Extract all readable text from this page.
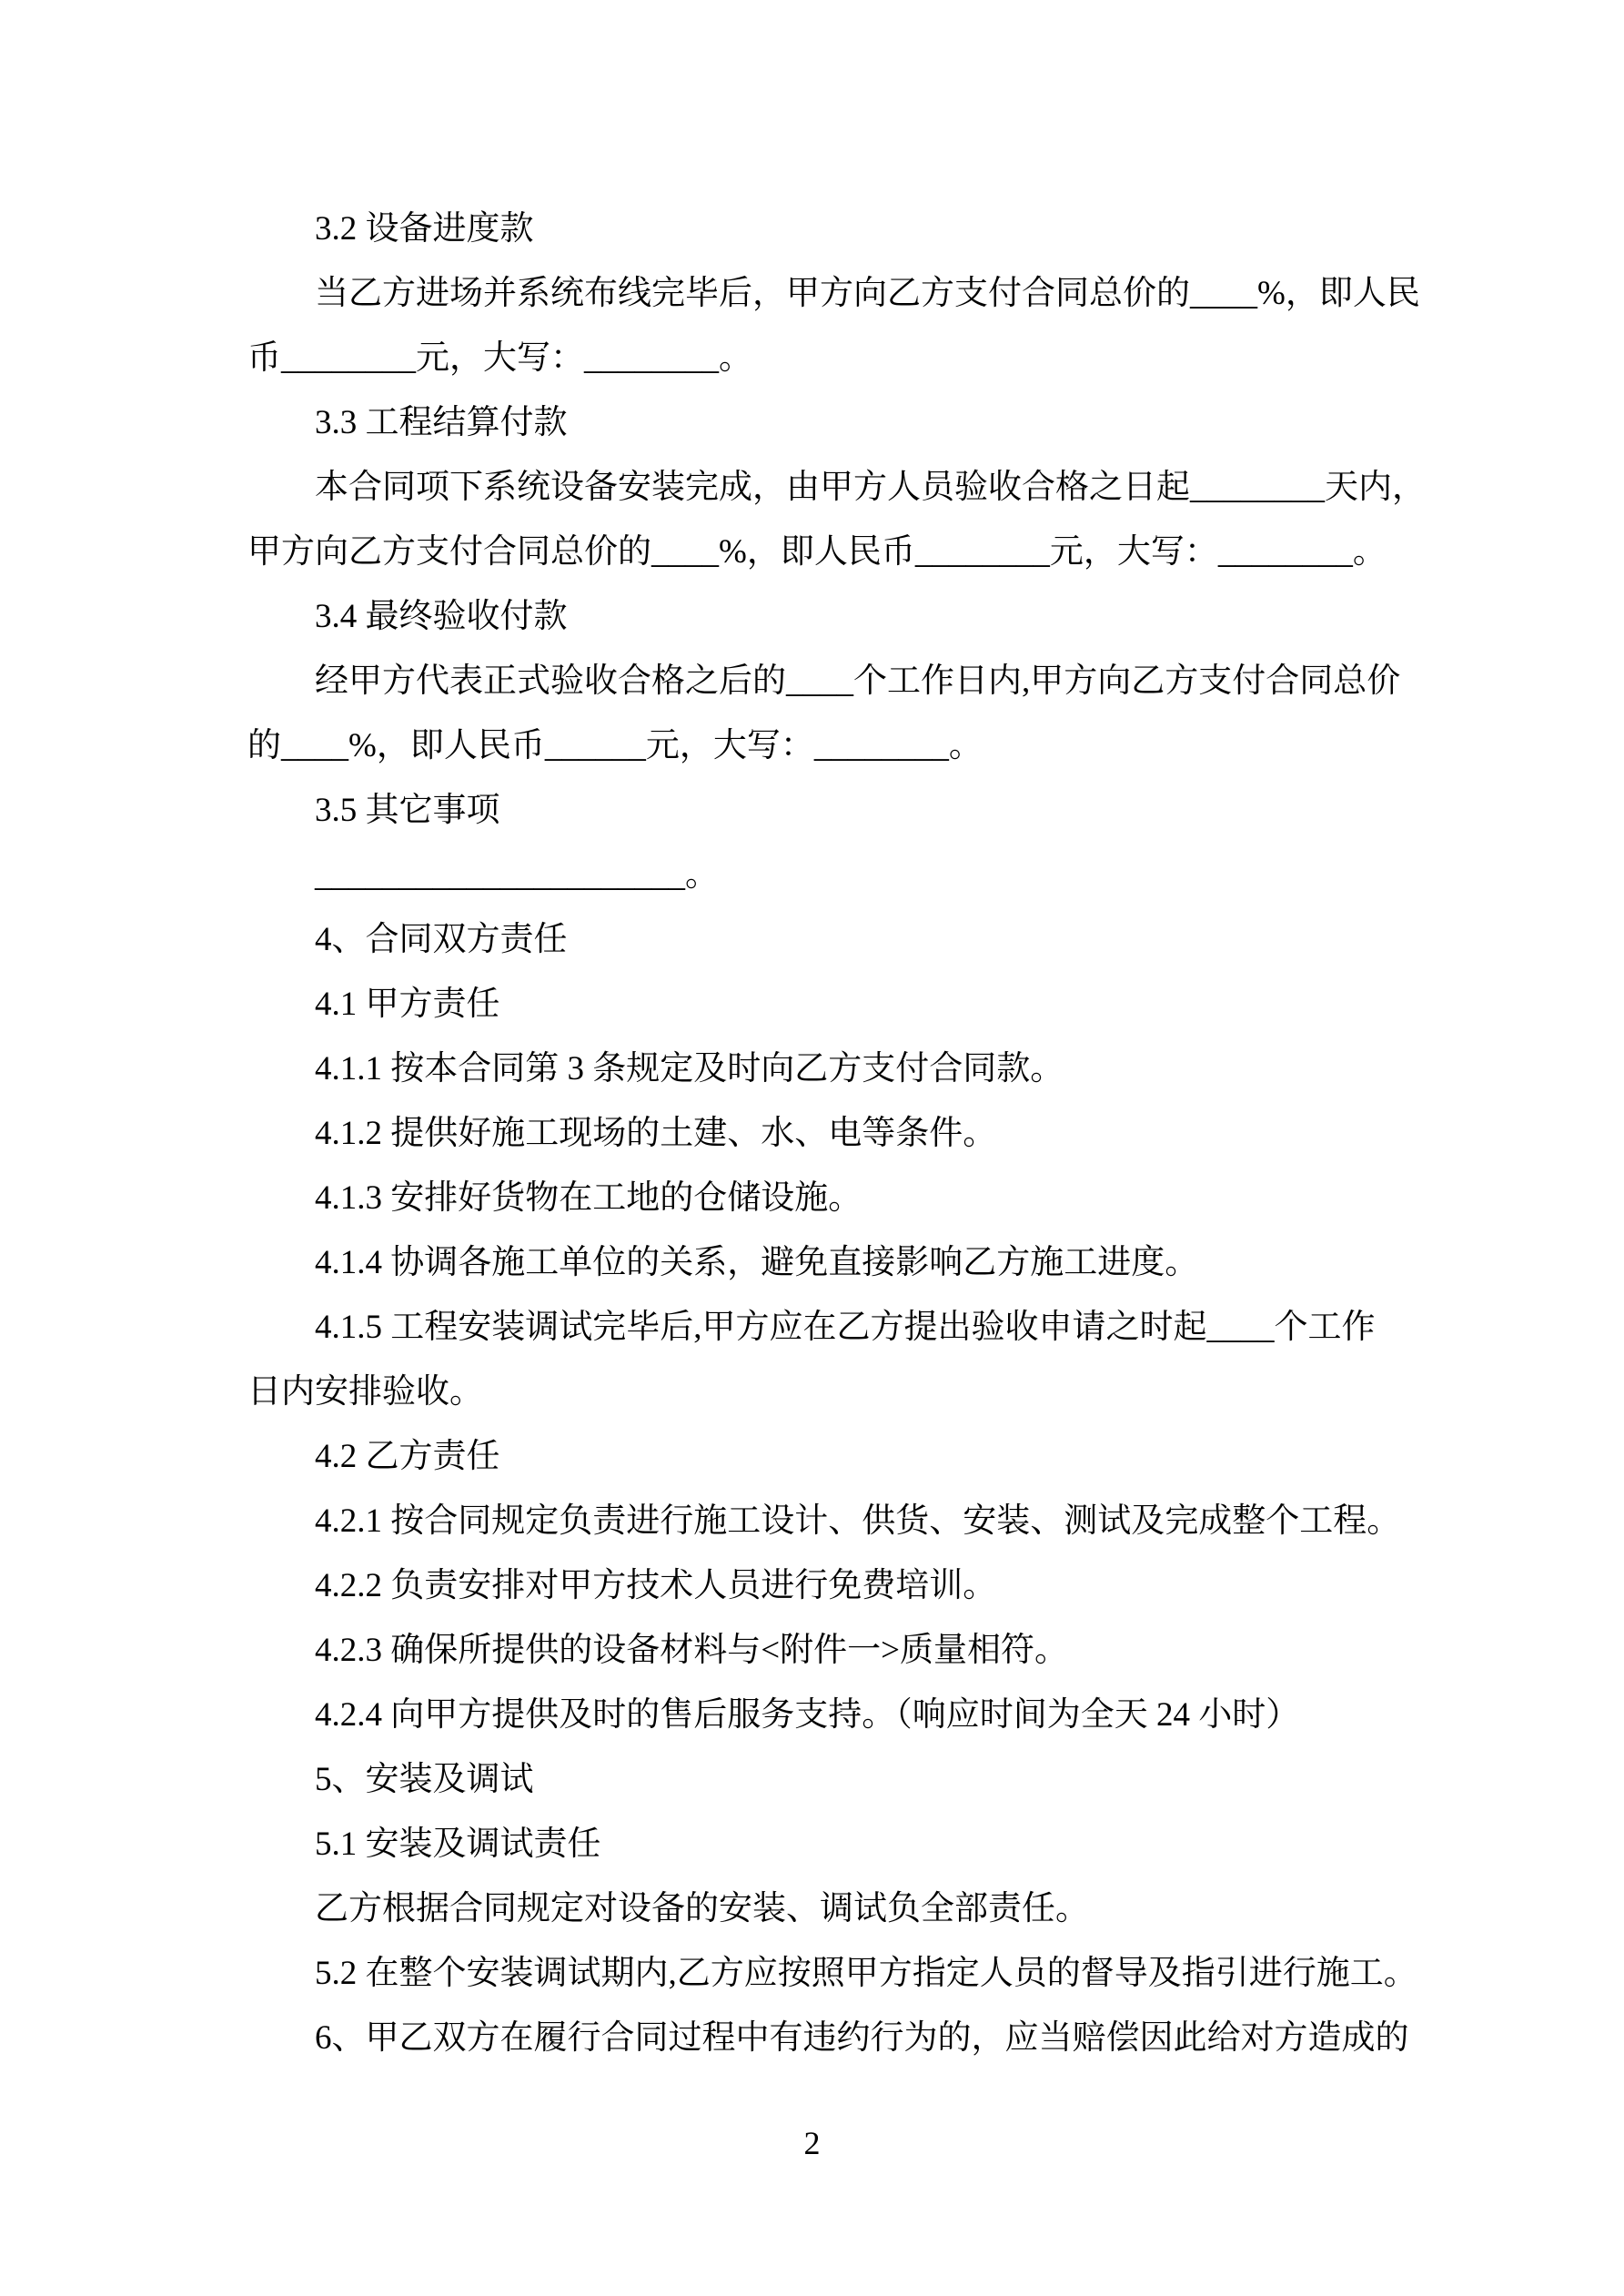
3.2 设备进度款

当乙方进场并系统布线完毕后，甲方向乙方支付合同总价的____%，即人民

币________元，大写：________。

3.3 工程结算付款

本合同项下系统设备安装完成，由甲方人员验收合格之日起________天内，

甲方向乙方支付合同总价的____%，即人民币________元，大写：________。

3.4 最终验收付款

经甲方代表正式验收合格之后的____个工作日内,甲方向乙方支付合同总价

的____%，即人民币______元，大写：________。

3.5 其它事项

______________________。

4、合同双方责任

4.1 甲方责任

4.1.1 按本合同第 3 条规定及时向乙方支付合同款。

4.1.2 提供好施工现场的土建、水、电等条件。

4.1.3 安排好货物在工地的仓储设施。

4.1.4 协调各施工单位的关系，避免直接影响乙方施工进度。

4.1.5 工程安装调试完毕后,甲方应在乙方提出验收申请之时起____个工作

日内安排验收。

4.2 乙方责任

4.2.1 按合同规定负责进行施工设计、供货、安装、测试及完成整个工程。

4.2.2 负责安排对甲方技术人员进行免费培训。

4.2.3 确保所提供的设备材料与<附件一>质量相符。

4.2.4 向甲方提供及时的售后服务支持。（响应时间为全天 24 小时）

5、安装及调试

5.1 安装及调试责任

乙方根据合同规定对设备的安装、调试负全部责任。

5.2 在整个安装调试期内,乙方应按照甲方指定人员的督导及指引进行施工。

6、甲乙双方在履行合同过程中有违约行为的，应当赔偿因此给对方造成的

2
